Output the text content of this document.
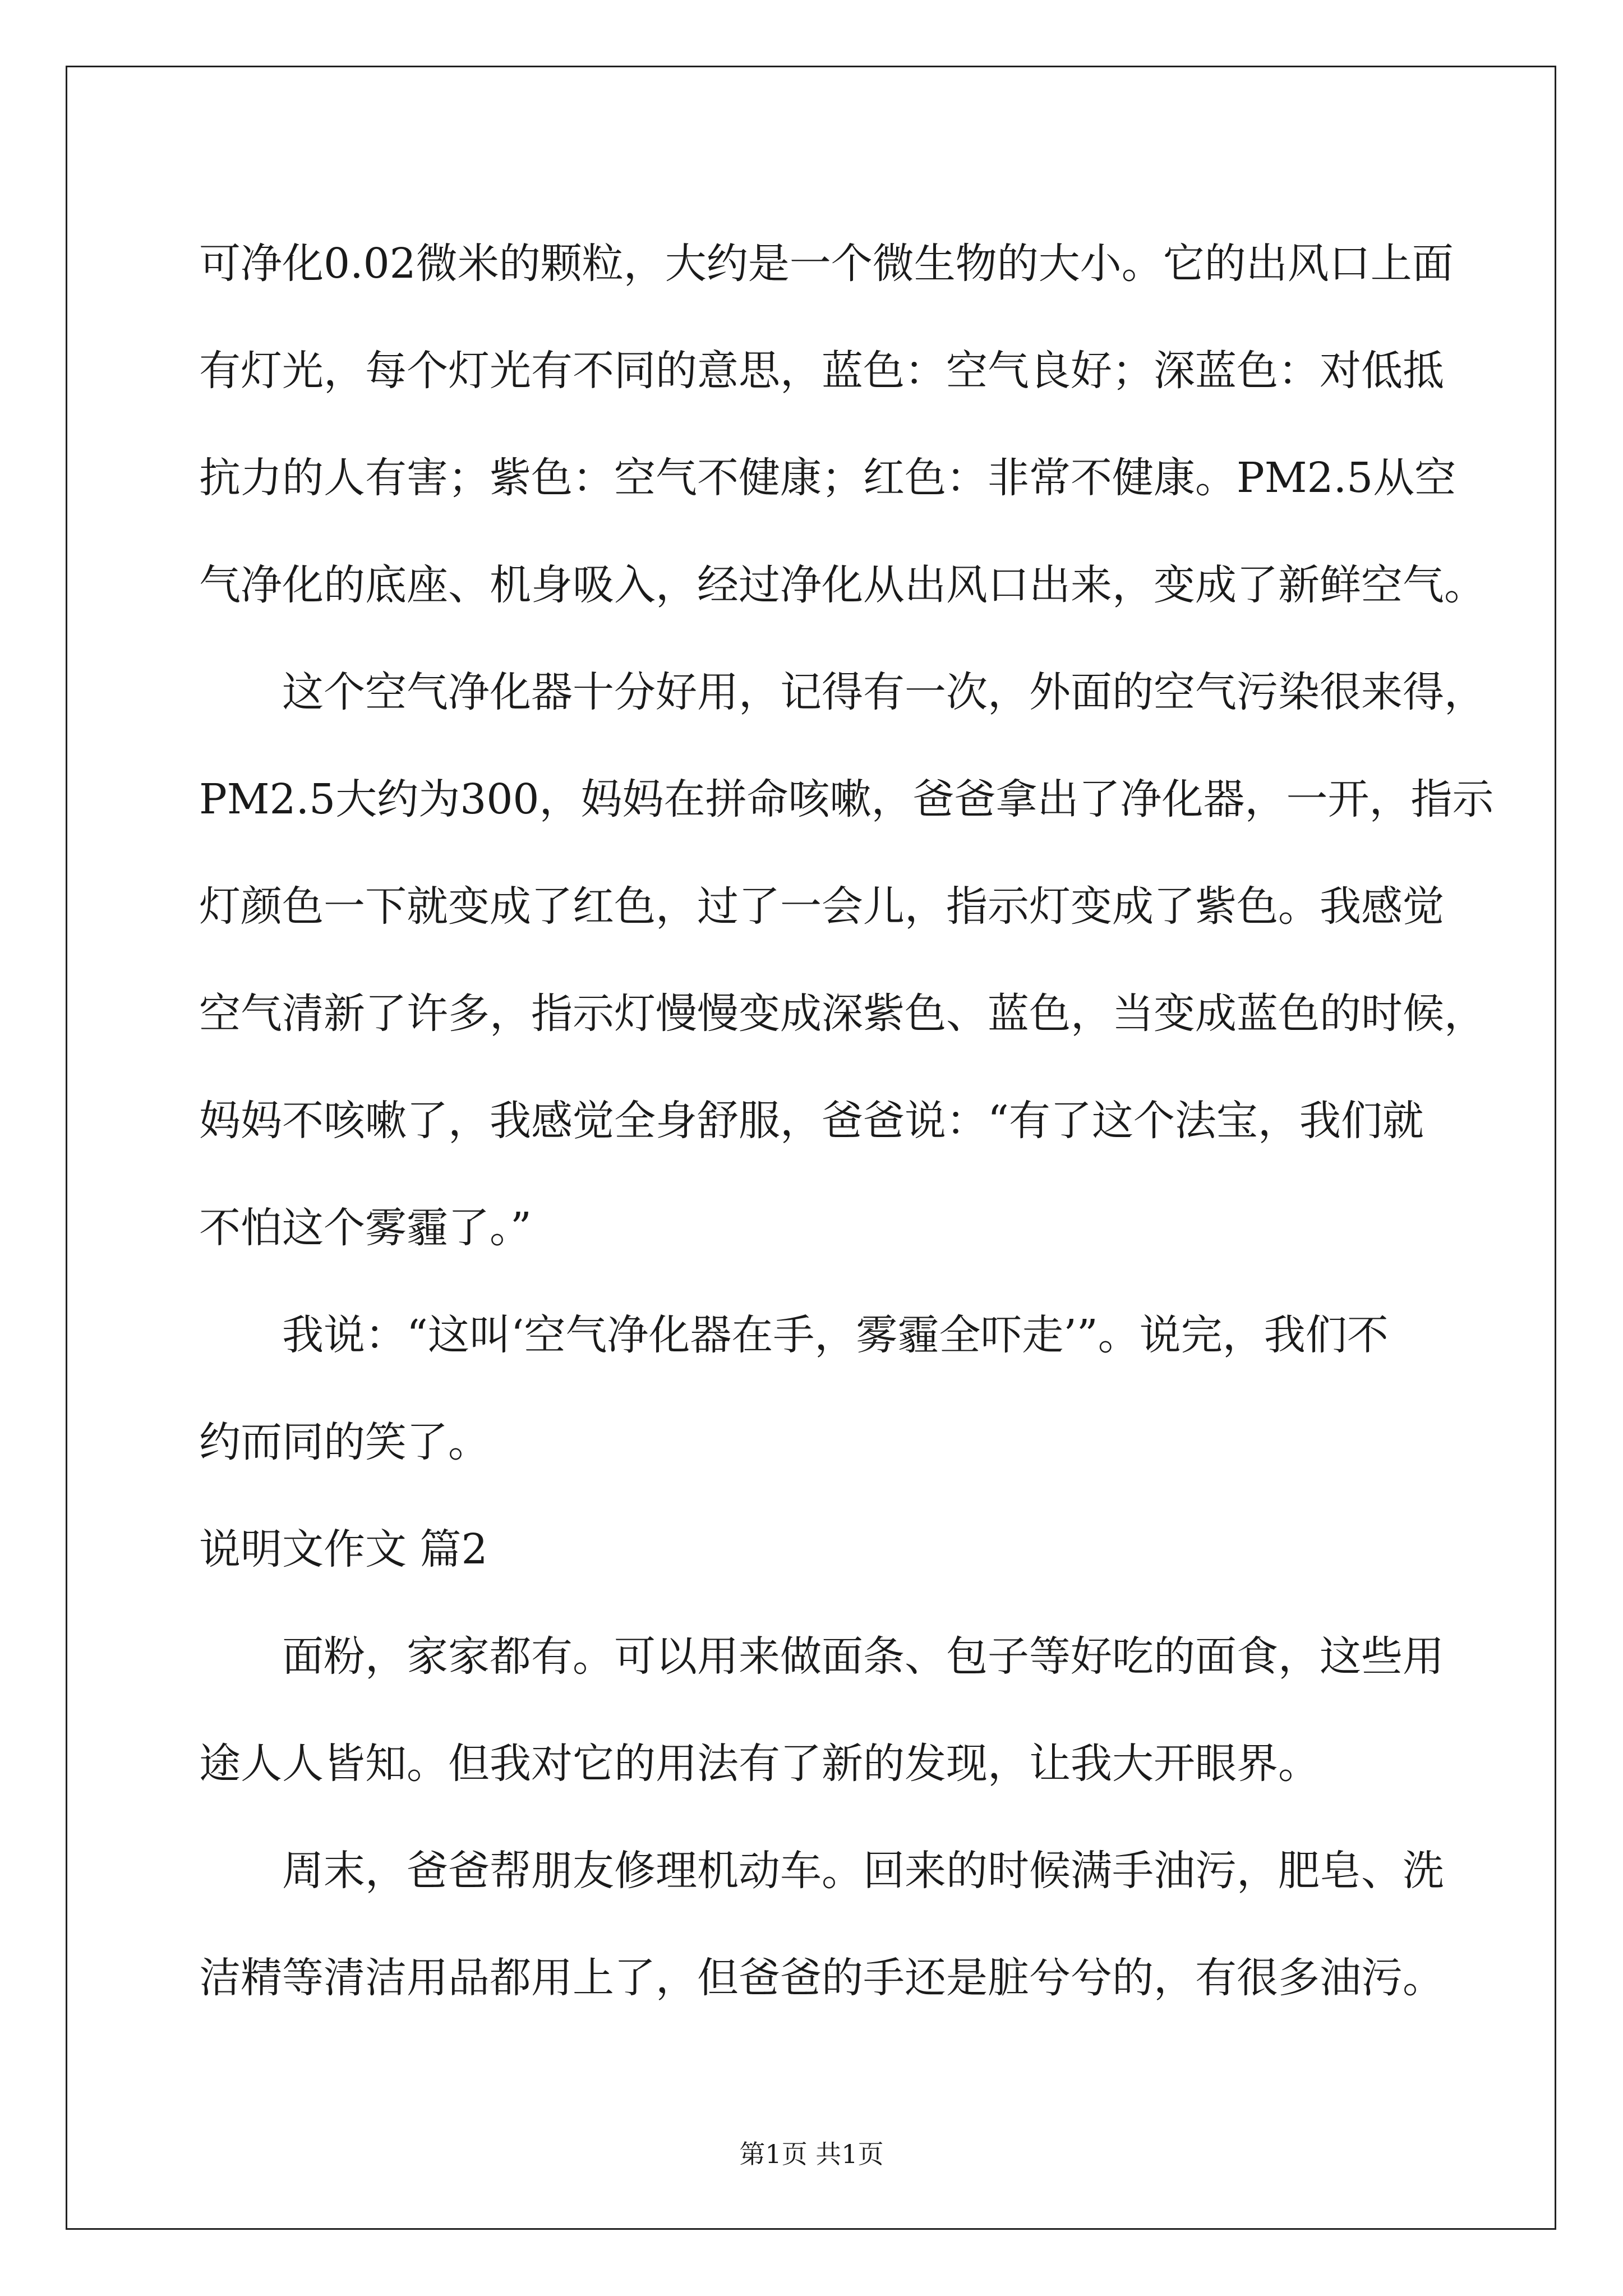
可净化0.02微米的颗粒，大约是一个微生物的大小。它的出风口上面
有灯光，每个灯光有不同的意思，蓝色：空气良好；深蓝色：对低抵
抗力的人有害；紫色：空气不健康；红色：非常不健康。PM2.5从空
气净化的底座、机身吸入，经过净化从出风口出来，变成了新鲜空气。
这个空气净化器十分好用，记得有一次，外面的空气污染很来得，
PM2.5大约为300，妈妈在拼命咳嗽，爸爸拿出了净化器，一开，指示
灯颜色一下就变成了红色，过了一会儿，指示灯变成了紫色。我感觉
空气清新了许多，指示灯慢慢变成深紫色、蓝色，当变成蓝色的时候，
妈妈不咳嗽了，我感觉全身舒服，爸爸说：“有了这个法宝，我们就
不怕这个雾霾了。”
我说：“这叫‘空气净化器在手，雾霾全吓走’”。说完，我们不
约而同的笑了。
说明文作文 篇2
面粉，家家都有。可以用来做面条、包子等好吃的面食，这些用
途人人皆知。但我对它的用法有了新的发现，让我大开眼界。
周末，爸爸帮朋友修理机动车。回来的时候满手油污，肥皂、洗
洁精等清洁用品都用上了，但爸爸的手还是脏兮兮的，有很多油污。
第1页 共1页
